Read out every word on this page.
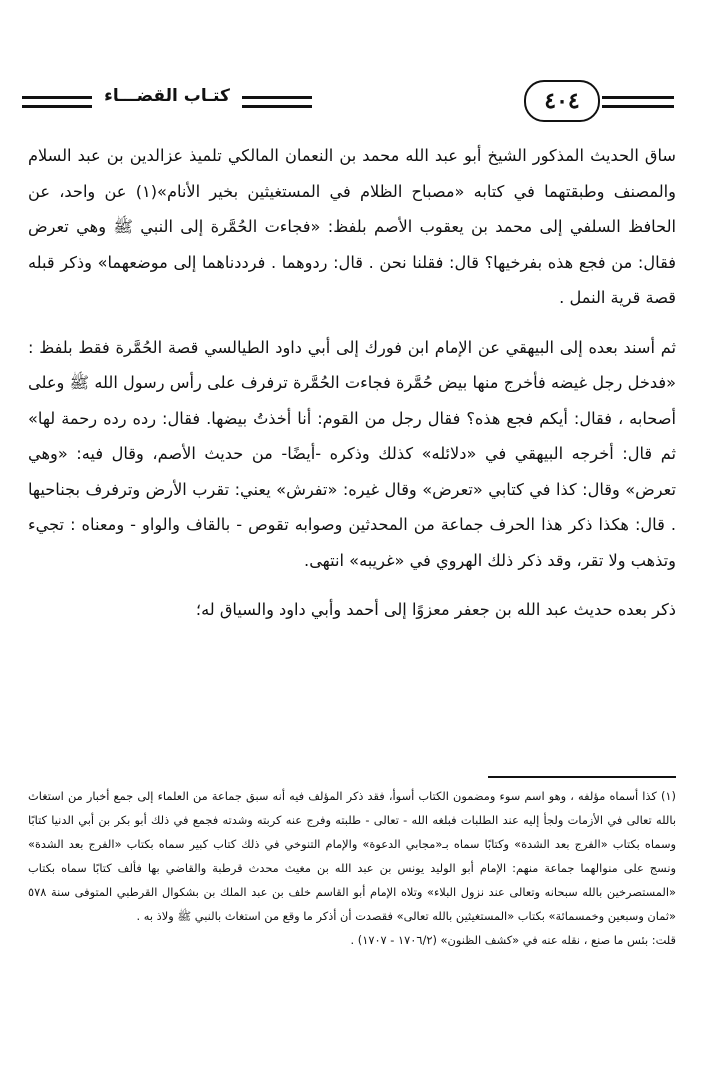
كتـاب القضـــاء	٤٠٤

ساق الحديث المذكور الشيخ أبو عبد الله محمد بن النعمان المالكي تلميذ عزالدين بن عبد السلام والمصنف وطبقتهما في كتابه «مصباح الظلام في المستغيثين بخير الأنام»(١) عن واحد، عن الحافظ السلفي إلى محمد بن يعقوب الأصم بلفظ: «فجاءت الحُمَّرة إلى النبي ﷺ وهي تعرض فقال: من فجع هذه بفرخيها؟ قال: فقلنا نحن . قال: ردوهما . فرددناهما إلى موضعهما» وذكر قبله قصة قرية النمل .

ثم أسند بعده إلى البيهقي عن الإمام ابن فورك إلى أبي داود الطيالسي قصة الحُمَّرة فقط بلفظ : «فدخل رجل غيضه فأخرج منها بيض حُمَّرة فجاءت الحُمَّرة ترفرف على رأس رسول الله ﷺ وعلى أصحابه ، فقال: أيكم فجع هذه؟ فقال رجل من القوم: أنا أخذتُ بيضها. فقال: رده رده رحمة لها» ثم قال: أخرجه البيهقي في «دلائله» كذلك وذكره -أيضًا- من حديث الأصم، وقال فيه: «وهي تعرض» وقال: كذا في كتابي «تعرض» وقال غيره: «تفرش» يعني: تقرب الأرض وترفرف بجناحيها . قال: هكذا ذكر هذا الحرف جماعة من المحدثين وصوابه تقوص - بالقاف والواو - ومعناه : تجيء وتذهب ولا تقر، وقد ذكر ذلك الهروي في «غريبه» انتهى.

ذكر بعده حديث عبد الله بن جعفر معزوًا إلى أحمد وأبي داود والسياق له؛

(١) كذا أسماه مؤلفه ، وهو اسم سوء ومضمون الكتاب أسوأ، فقد ذكر المؤلف فيه أنه سبق جماعة من العلماء إلى جمع أخبار من استغاث بالله تعالى في الأزمات ولجأ إليه عند الطلبات فبلغه الله - تعالى - طلبته وفرج عنه كربته وشدته فجمع في ذلك أبو بكر بن أبي الدنيا كتابًا وسماه بكتاب «الفرج بعد الشدة» وكتابًا سماه بـ«مجابي الدعوة» والإمام التنوخي في ذلك كتاب كبير سماه بكتاب «الفرج بعد الشدة» ونسج على منوالهما جماعة منهم: الإمام أبو الوليد يونس بن عبد الله بن مغيث محدث قرطبة والقاضي بها فألف كتابًا سماه بكتاب «المستصرخين بالله سبحانه وتعالى عند نزول البلاء» وتلاه الإمام أبو القاسم خلف بن عبد الملك بن بشكوال القرطبي المتوفى سنة ٥٧٨ «ثمان وسبعين وخمسمائة» بكتاب «المستغيثين بالله تعالى» فقصدت أن أذكر ما وقع من استغاث بالنبي ﷺ ولاذ به .

قلت: بئس ما صنع ، نقله عنه في «كشف الظنون» (١٧٠٦/٢ - ١٧٠٧) .
